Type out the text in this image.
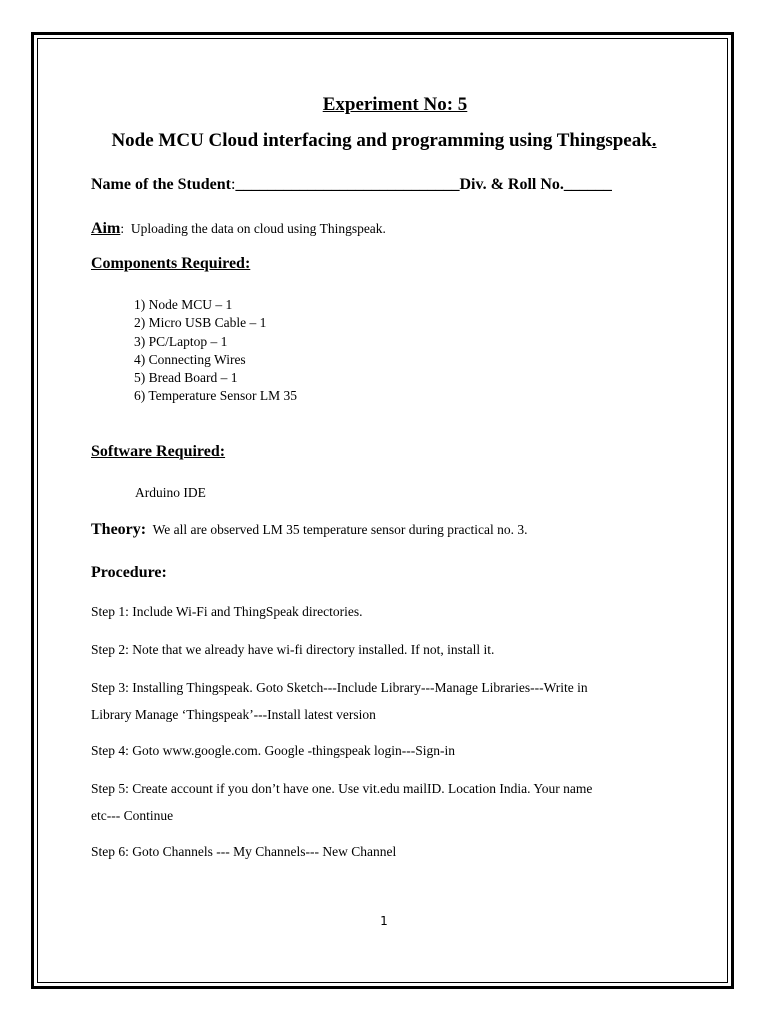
Experiment No: 5
Node MCU Cloud interfacing and programming using Thingspeak.
Name of the Student:____________________________Div. & Roll No.______
Aim: Uploading the data on cloud using Thingspeak.
Components Required:
1) Node MCU – 1
2) Micro USB Cable – 1
3) PC/Laptop – 1
4) Connecting Wires
5) Bread Board – 1
6) Temperature Sensor LM 35
Software Required:
Arduino IDE
Theory: We all are observed LM 35 temperature sensor during practical no. 3.
Procedure:
Step 1: Include Wi-Fi and ThingSpeak directories.
Step 2: Note that we already have wi-fi directory installed. If not, install it.
Step 3: Installing Thingspeak. Goto Sketch---Include Library---Manage Libraries---Write in
Library Manage ‘Thingspeak’---Install latest version
Step 4: Goto www.google.com. Google -thingspeak login---Sign-in
Step 5: Create account if you don’t have one. Use vit.edu mailID. Location India. Your name
etc--- Continue
Step 6: Goto Channels --- My Channels--- New Channel
1
